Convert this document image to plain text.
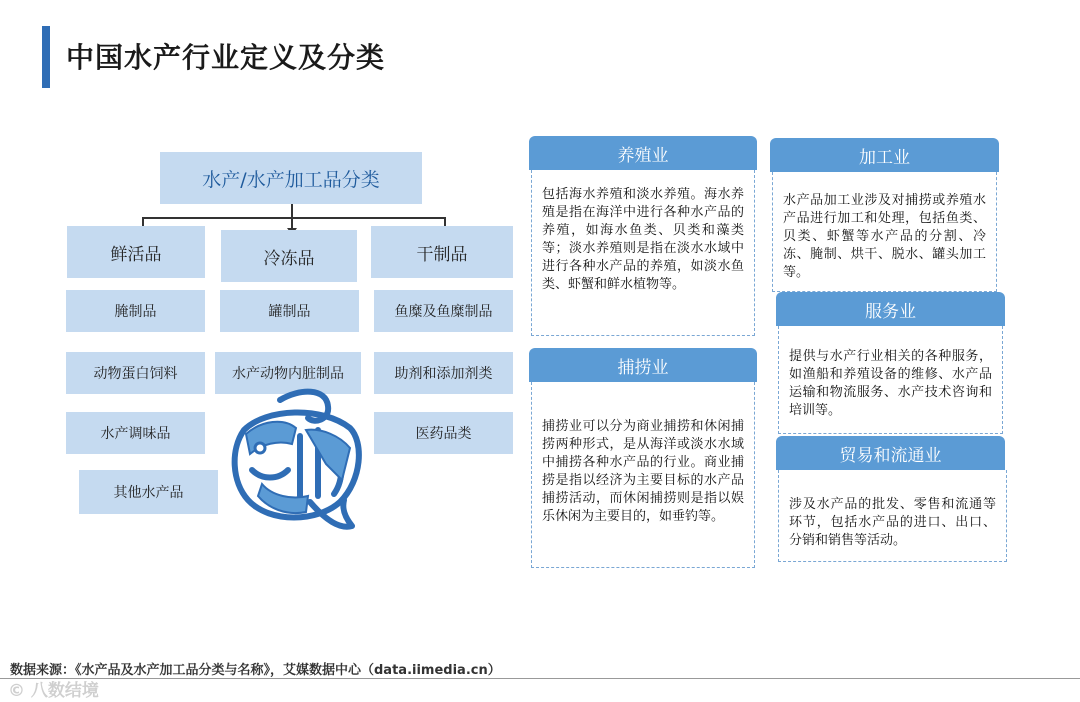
中国水产行业定义及分类
水产/水产加工品分类
鲜活品	冷冻品	干制品
腌制品	罐制品	鱼糜及鱼糜制品
动物蛋白饲料	水产动物内脏制品	助剂和添加剂类
水产调味品	医药品类
其他水产品
养殖业
包括海水养殖和淡水养殖。海水养殖是指在海洋中进行各种水产品的养殖，如海水鱼类、贝类和藻类等；淡水养殖则是指在淡水水域中进行各种水产品的养殖，如淡水鱼类、虾蟹和鲜水植物等。
捕捞业
捕捞业可以分为商业捕捞和休闲捕捞两种形式，是从海洋或淡水水域中捕捞各种水产品的行业。商业捕捞是指以经济为主要目标的水产品捕捞活动，而休闲捕捞则是指以娱乐休闲为主要目的，如垂钓等。
加工业
水产品加工业涉及对捕捞或养殖水产品进行加工和处理，包括鱼类、贝类、虾蟹等水产品的分割、冷冻、腌制、烘干、脱水、罐头加工等。
服务业
提供与水产行业相关的各种服务，如渔船和养殖设备的维修、水产品运输和物流服务、水产技术咨询和培训等。
贸易和流通业
涉及水产品的批发、零售和流通等环节，包括水产品的进口、出口、分销和销售等活动。
数据来源：《水产品及水产加工品分类与名称》，艾媒数据中心（data.iimedia.cn）
© 八数结境
